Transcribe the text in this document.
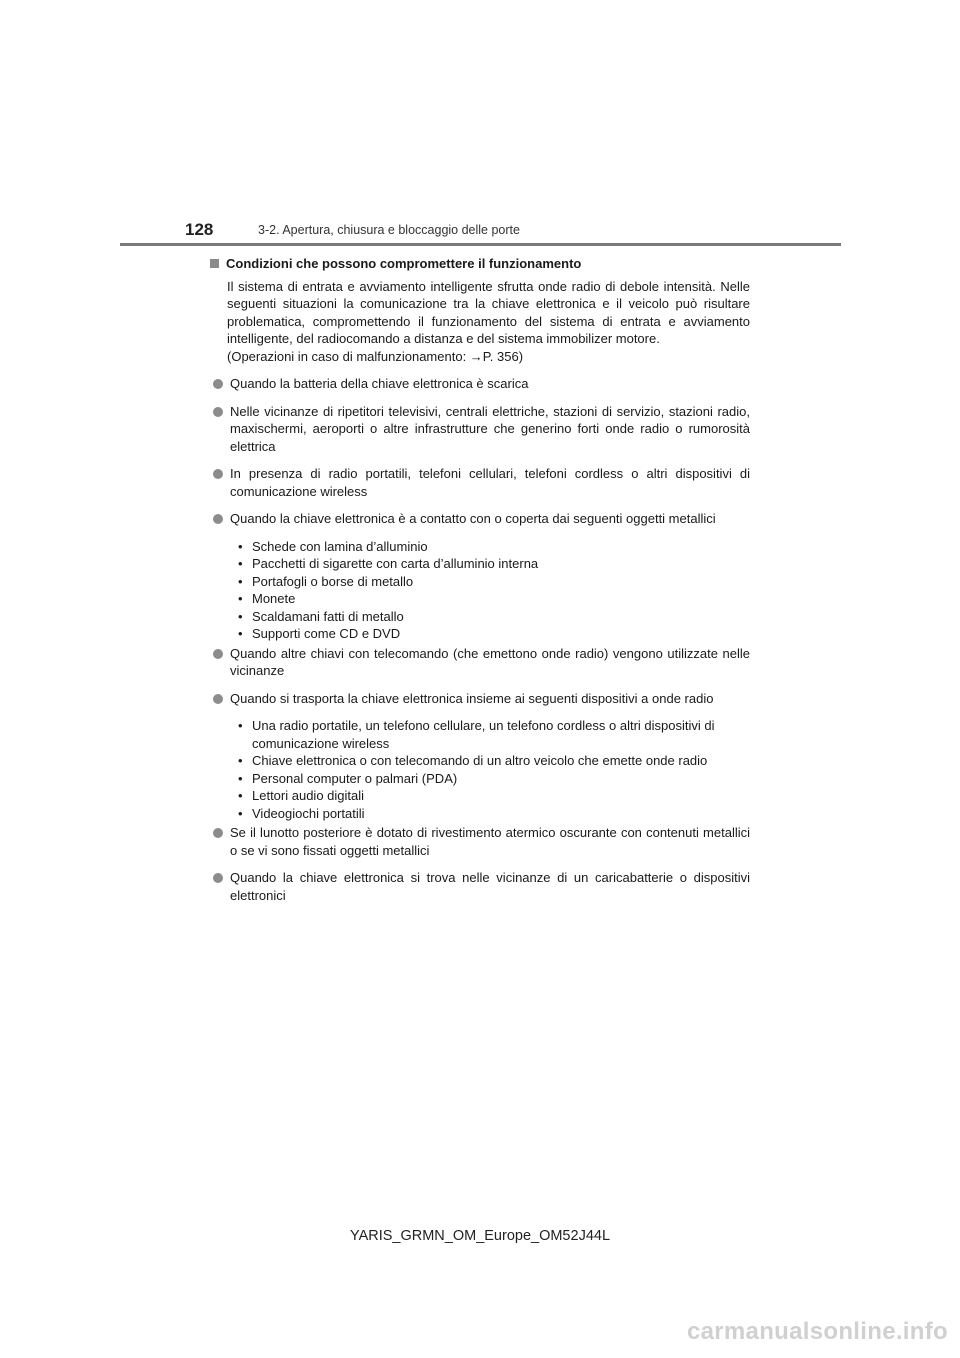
128	3-2. Apertura, chiusura e bloccaggio delle porte
Condizioni che possono compromettere il funzionamento

Il sistema di entrata e avviamento intelligente sfrutta onde radio di debole intensità. Nelle seguenti situazioni la comunicazione tra la chiave elettronica e il veicolo può risultare problematica, compromettendo il funzionamento del sistema di entrata e avviamento intelligente, del radiocomando a distanza e del sistema immobilizer motore.

(Operazioni in caso di malfunzionamento: →P. 356)

Quando la batteria della chiave elettronica è scarica
Nelle vicinanze di ripetitori televisivi, centrali elettriche, stazioni di servizio, stazioni radio, maxischermi, aeroporti o altre infrastrutture che generino forti onde radio o rumorosità elettrica
In presenza di radio portatili, telefoni cellulari, telefoni cordless o altri dispositivi di comunicazione wireless
Quando la chiave elettronica è a contatto con o coperta dai seguenti oggetti metallici
• Schede con lamina d’alluminio
• Pacchetti di sigarette con carta d’alluminio interna
• Portafogli o borse di metallo
• Monete
• Scaldamani fatti di metallo
• Supporti come CD e DVD
Quando altre chiavi con telecomando (che emettono onde radio) vengono utilizzate nelle vicinanze
Quando si trasporta la chiave elettronica insieme ai seguenti dispositivi a onde radio
• Una radio portatile, un telefono cellulare, un telefono cordless o altri dispositivi di comunicazione wireless
• Chiave elettronica o con telecomando di un altro veicolo che emette onde radio
• Personal computer o palmari (PDA)
• Lettori audio digitali
• Videogiochi portatili
Se il lunotto posteriore è dotato di rivestimento atermico oscurante con contenuti metallici o se vi sono fissati oggetti metallici
Quando la chiave elettronica si trova nelle vicinanze di un caricabatterie o dispositivi elettronici
YARIS_GRMN_OM_Europe_OM52J44L
carmanualsonline.info
